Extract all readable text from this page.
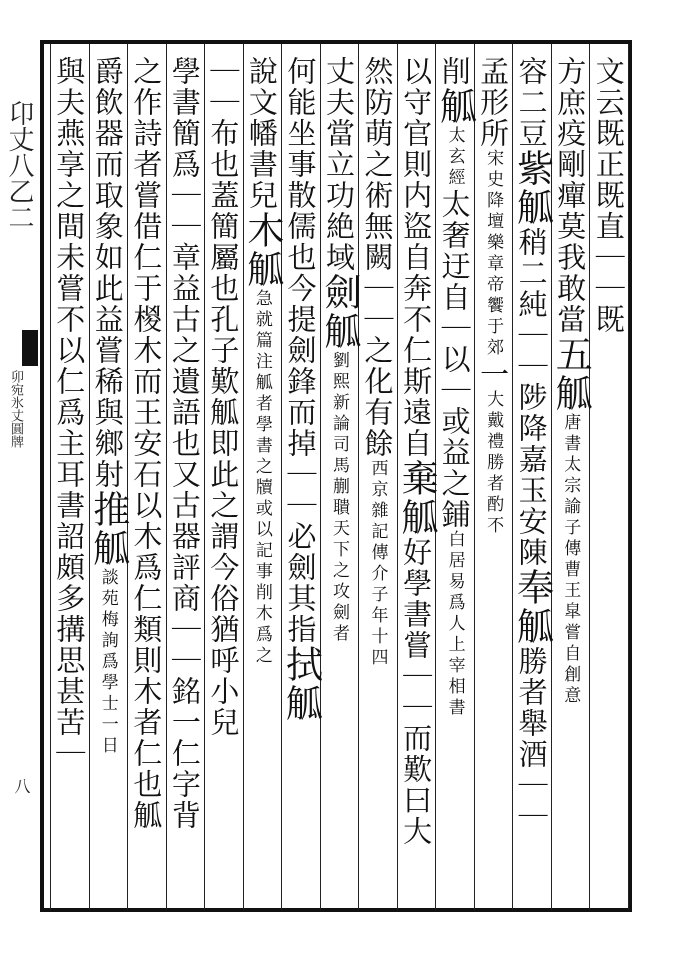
卬丈八乙二
卯宛氷丈圓牌
八
文云既正既直｜｜既
方庶疫剛癉莫我敢當五觚唐書太宗諭子傳曹王皐嘗自創意
容二豆紫觚稍二純｜｜陟降嘉玉安陳奉觚勝者舉酒｜｜
孟形所宋史降壇樂章帝饗于郊一大戴禮勝者酌不
削觚太玄經太奢迂自｜以｜或益之鋪白居易爲人上宰相書
以守官則内盜自奔不仁斯遠自棄觚好學書嘗｜｜而歎曰大
然防萌之術無闕｜｜之化有餘西京雜記傳介子年十四
丈夫當立功絶域劍觚劉熙新論司馬蒯聵天下之攻劍者
何能坐事散儒也今提劍鋒而掉｜｜必劍其指拭觚
說文幡書兒木觚急就篇注觚者學書之牘或以記事削木爲之
｜｜布也蓋簡屬也孔子歎觚即此之謂今俗猶呼小兒
學書簡爲｜｜章益古之遺語也又古器評商｜｜銘一仁字背
之作詩者嘗借仁于椶木而王安石以木爲仁類則木者仁也觚
爵飲器而取象如此益嘗稀與鄉射推觚談苑梅詢爲學士一日
與夫燕享之間未嘗不以仁爲主耳書詔頗多搆思甚苦｜
